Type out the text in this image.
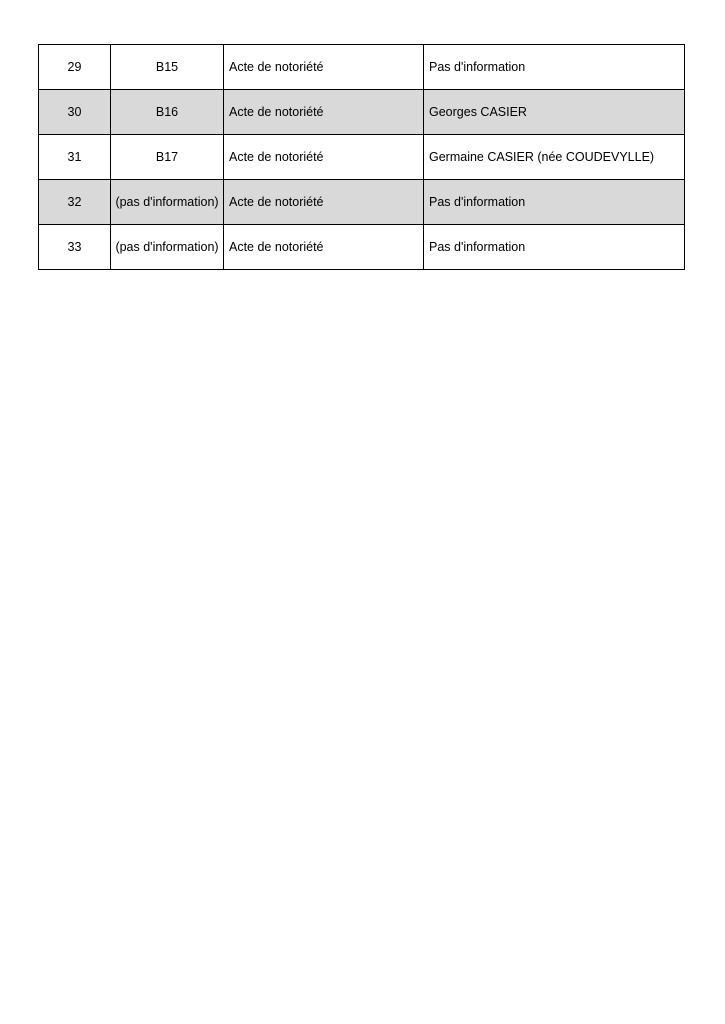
29	B15	Acte de notoriété	Pas d'information
30	B16	Acte de notoriété	Georges CASIER
31	B17	Acte de notoriété	Germaine CASIER (née COUDEVYLLE)
32	(pas d'information)	Acte de notoriété	Pas d'information
33	(pas d'information)	Acte de notoriété	Pas d'information
